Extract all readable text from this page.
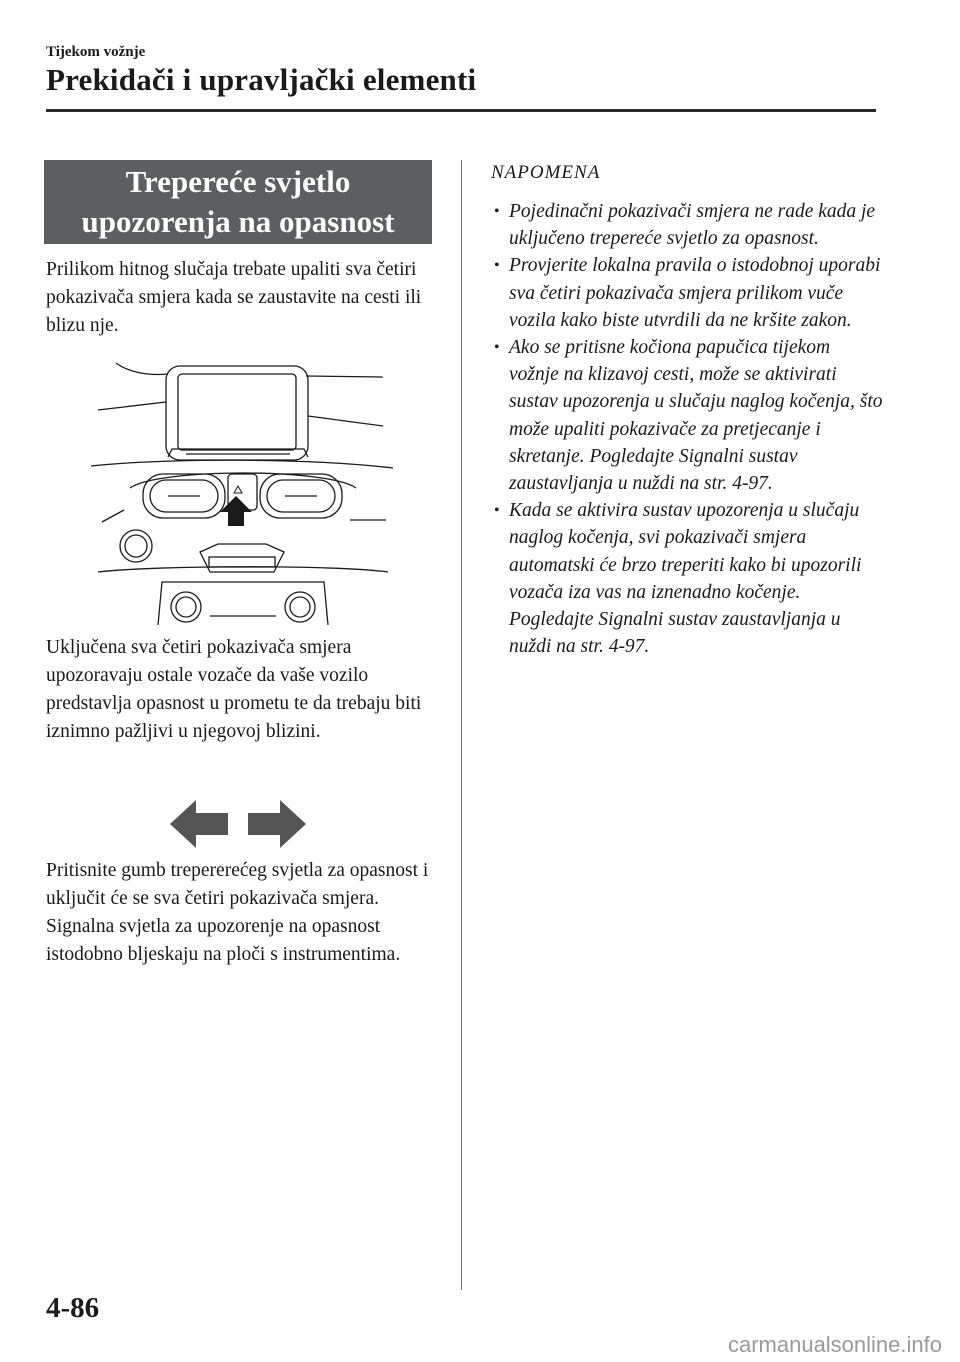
Tijekom vožnje
Prekidači i upravljački elementi
Trepereće svjetlo
upozorenja na opasnost

Prilikom hitnog slučaja trebate upaliti sva četiri pokazivača smjera kada se zaustavite na cesti ili blizu nje.

Uključena sva četiri pokazivača smjera upozoravaju ostale vozače da vaše vozilo predstavlja opasnost u prometu te da trebaju biti iznimno pažljivi u njegovoj blizini.

Pritisnite gumb trepererećeg svjetla za opasnost i uključit će se sva četiri pokazivača smjera. Signalna svjetla za upozorenje na opasnost istodobno bljeskaju na ploči s instrumentima.

NAPOMENA
• Pojedinačni pokazivači smjera ne rade kada je uključeno trepereće svjetlo za opasnost.
• Provjerite lokalna pravila o istodobnoj uporabi sva četiri pokazivača smjera prilikom vuče vozila kako biste utvrdili da ne kršite zakon.
• Ako se pritisne kočiona papučica tijekom vožnje na klizavoj cesti, može se aktivirati sustav upozorenja u slučaju naglog kočenja, što može upaliti pokazivače za pretjecanje i skretanje. Pogledajte Signalni sustav zaustavljanja u nuždi na str. 4-97.
• Kada se aktivira sustav upozorenja u slučaju naglog kočenja, svi pokazivači smjera automatski će brzo treperiti kako bi upozorili vozača iza vas na iznenadno kočenje. Pogledajte Signalni sustav zaustavljanja u nuždi na str. 4-97.
4-86
carmanualsonline.info
